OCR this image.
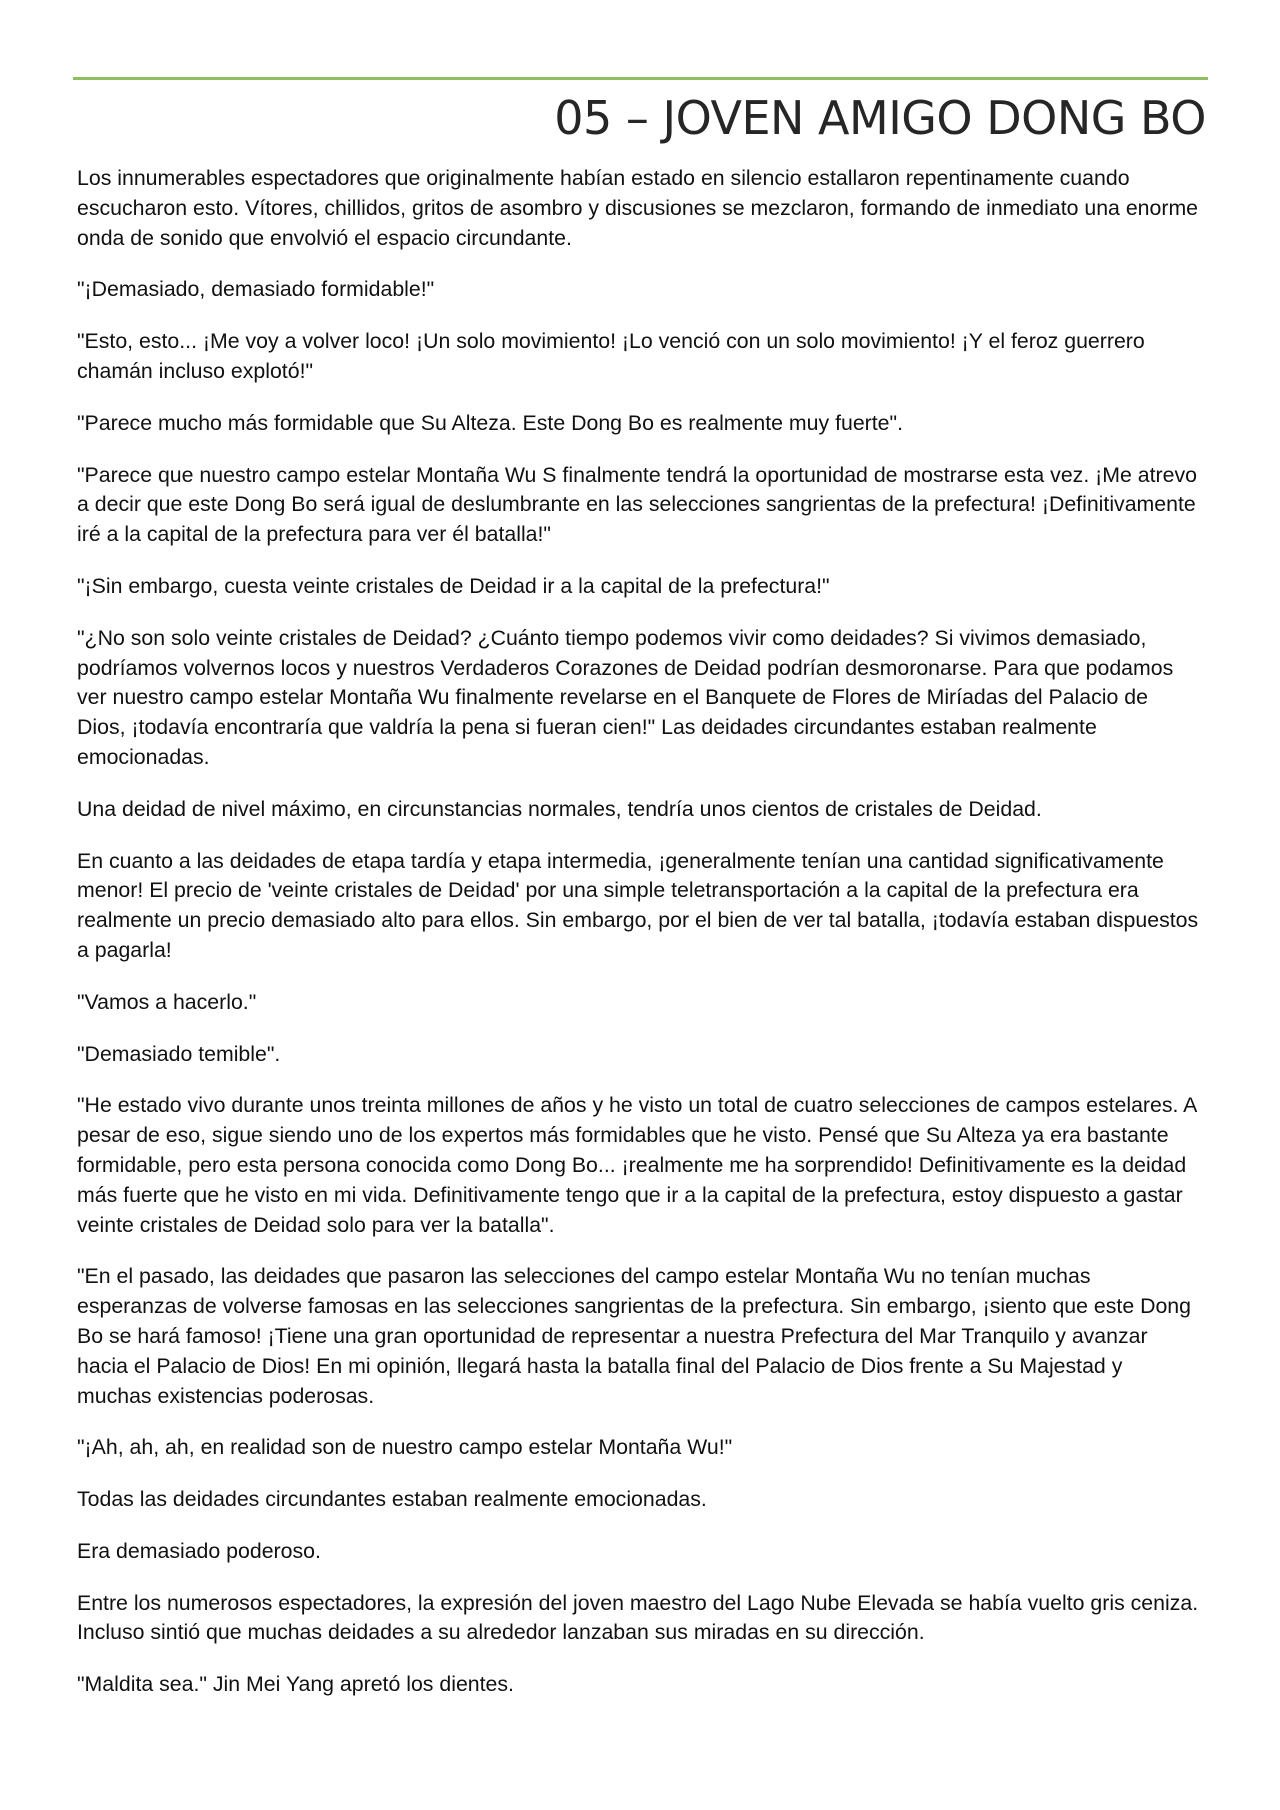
05 – JOVEN AMIGO DONG BO

Los innumerables espectadores que originalmente habían estado en silencio estallaron repentinamente cuando escucharon esto. Vítores, chillidos, gritos de asombro y discusiones se mezclaron, formando de inmediato una enorme onda de sonido que envolvió el espacio circundante.

"¡Demasiado, demasiado formidable!"

"Esto, esto... ¡Me voy a volver loco! ¡Un solo movimiento! ¡Lo venció con un solo movimiento! ¡Y el feroz guerrero chamán incluso explotó!"

"Parece mucho más formidable que Su Alteza. Este Dong Bo es realmente muy fuerte".

"Parece que nuestro campo estelar Montaña Wu S finalmente tendrá la oportunidad de mostrarse esta vez. ¡Me atrevo a decir que este Dong Bo será igual de deslumbrante en las selecciones sangrientas de la prefectura! ¡Definitivamente iré a la capital de la prefectura para ver él batalla!"

"¡Sin embargo, cuesta veinte cristales de Deidad ir a la capital de la prefectura!"

"¿No son solo veinte cristales de Deidad? ¿Cuánto tiempo podemos vivir como deidades? Si vivimos demasiado, podríamos volvernos locos y nuestros Verdaderos Corazones de Deidad podrían desmoronarse. Para que podamos ver nuestro campo estelar Montaña Wu finalmente revelarse en el Banquete de Flores de Miríadas del Palacio de Dios, ¡todavía encontraría que valdría la pena si fueran cien!" Las deidades circundantes estaban realmente emocionadas.

Una deidad de nivel máximo, en circunstancias normales, tendría unos cientos de cristales de Deidad.

En cuanto a las deidades de etapa tardía y etapa intermedia, ¡generalmente tenían una cantidad significativamente menor! El precio de 'veinte cristales de Deidad' por una simple teletransportación a la capital de la prefectura era realmente un precio demasiado alto para ellos. Sin embargo, por el bien de ver tal batalla, ¡todavía estaban dispuestos a pagarla!

"Vamos a hacerlo."

"Demasiado temible".

"He estado vivo durante unos treinta millones de años y he visto un total de cuatro selecciones de campos estelares. A pesar de eso, sigue siendo uno de los expertos más formidables que he visto. Pensé que Su Alteza ya era bastante formidable, pero esta persona conocida como Dong Bo... ¡realmente me ha sorprendido! Definitivamente es la deidad más fuerte que he visto en mi vida. Definitivamente tengo que ir a la capital de la prefectura, estoy dispuesto a gastar veinte cristales de Deidad solo para ver la batalla".

"En el pasado, las deidades que pasaron las selecciones del campo estelar Montaña Wu no tenían muchas esperanzas de volverse famosas en las selecciones sangrientas de la prefectura. Sin embargo, ¡siento que este Dong Bo se hará famoso! ¡Tiene una gran oportunidad de representar a nuestra Prefectura del Mar Tranquilo y avanzar hacia el Palacio de Dios! En mi opinión, llegará hasta la batalla final del Palacio de Dios frente a Su Majestad y muchas existencias poderosas.

"¡Ah, ah, ah, en realidad son de nuestro campo estelar Montaña Wu!"

Todas las deidades circundantes estaban realmente emocionadas.

Era demasiado poderoso.

Entre los numerosos espectadores, la expresión del joven maestro del Lago Nube Elevada se había vuelto gris ceniza. Incluso sintió que muchas deidades a su alrededor lanzaban sus miradas en su dirección.

"Maldita sea." Jin Mei Yang apretó los dientes.
